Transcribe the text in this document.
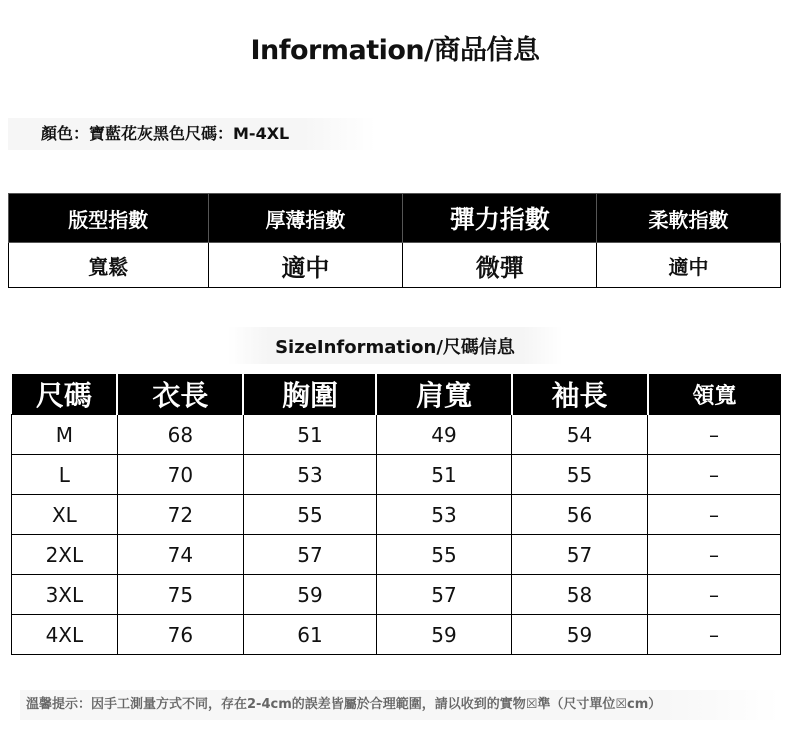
Information/商品信息
顏色：寶藍花灰黑色尺碼：M-4XL
版型指數	厚薄指數	彈力指數	柔軟指數
寬鬆	適中	微彈	適中
SizeInformation/尺碼信息
尺碼	衣長	胸圍	肩寬	袖長	領寬
M	68	51	49	54	–
L	70	53	51	55	–
XL	72	55	53	56	–
2XL	74	57	55	57	–
3XL	75	59	57	58	–
4XL	76	61	59	59	–
溫馨提示：因手工測量方式不同，存在2-4cm的誤差皆屬於合理範圍，請以收到的實物☒準（尺寸單位☒cm）
